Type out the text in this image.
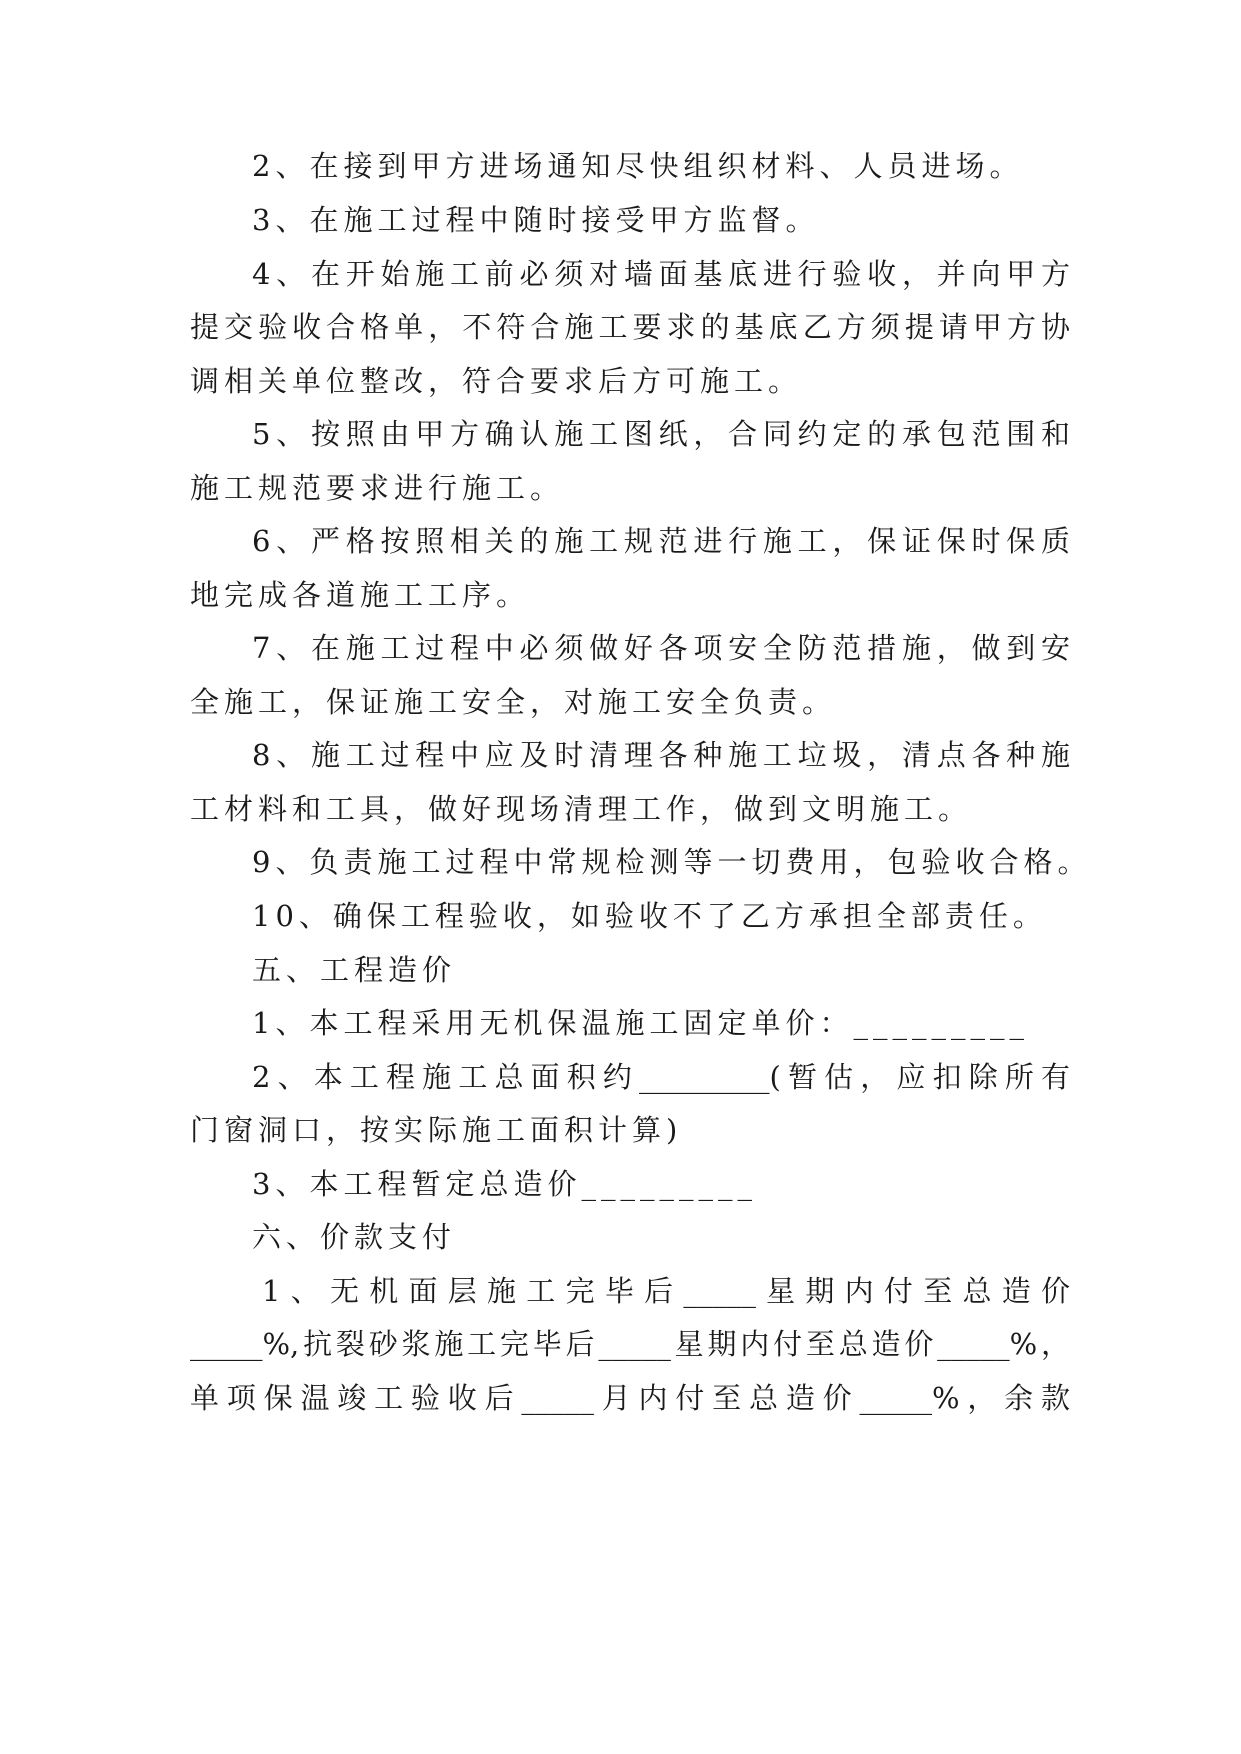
2、在接到甲方进场通知尽快组织材料、人员进场。
3、在施工过程中随时接受甲方监督。
4、在开始施工前必须对墙面基底进行验收，并向甲方
提交验收合格单，不符合施工要求的基底乙方须提请甲方协
调相关单位整改，符合要求后方可施工。
5、按照由甲方确认施工图纸，合同约定的承包范围和
施工规范要求进行施工。
6、严格按照相关的施工规范进行施工，保证保时保质
地完成各道施工工序。
7、在施工过程中必须做好各项安全防范措施，做到安
全施工，保证施工安全，对施工安全负责。
8、施工过程中应及时清理各种施工垃圾，清点各种施
工材料和工具，做好现场清理工作，做到文明施工。
9、负责施工过程中常规检测等一切费用，包验收合格。
10、确保工程验收，如验收不了乙方承担全部责任。
五、工程造价
1、本工程采用无机保温施工固定单价：_________
2、本工程施工总面积约_________(暂估，应扣除所有
门窗洞口，按实际施工面积计算)
3、本工程暂定总造价_________
六、价款支付
1、无机面层施工完毕后_____星期内付至总造价
_____%,抗裂砂浆施工完毕后_____星期内付至总造价_____%，
单项保温竣工验收后_____月内付至总造价_____%，余款
